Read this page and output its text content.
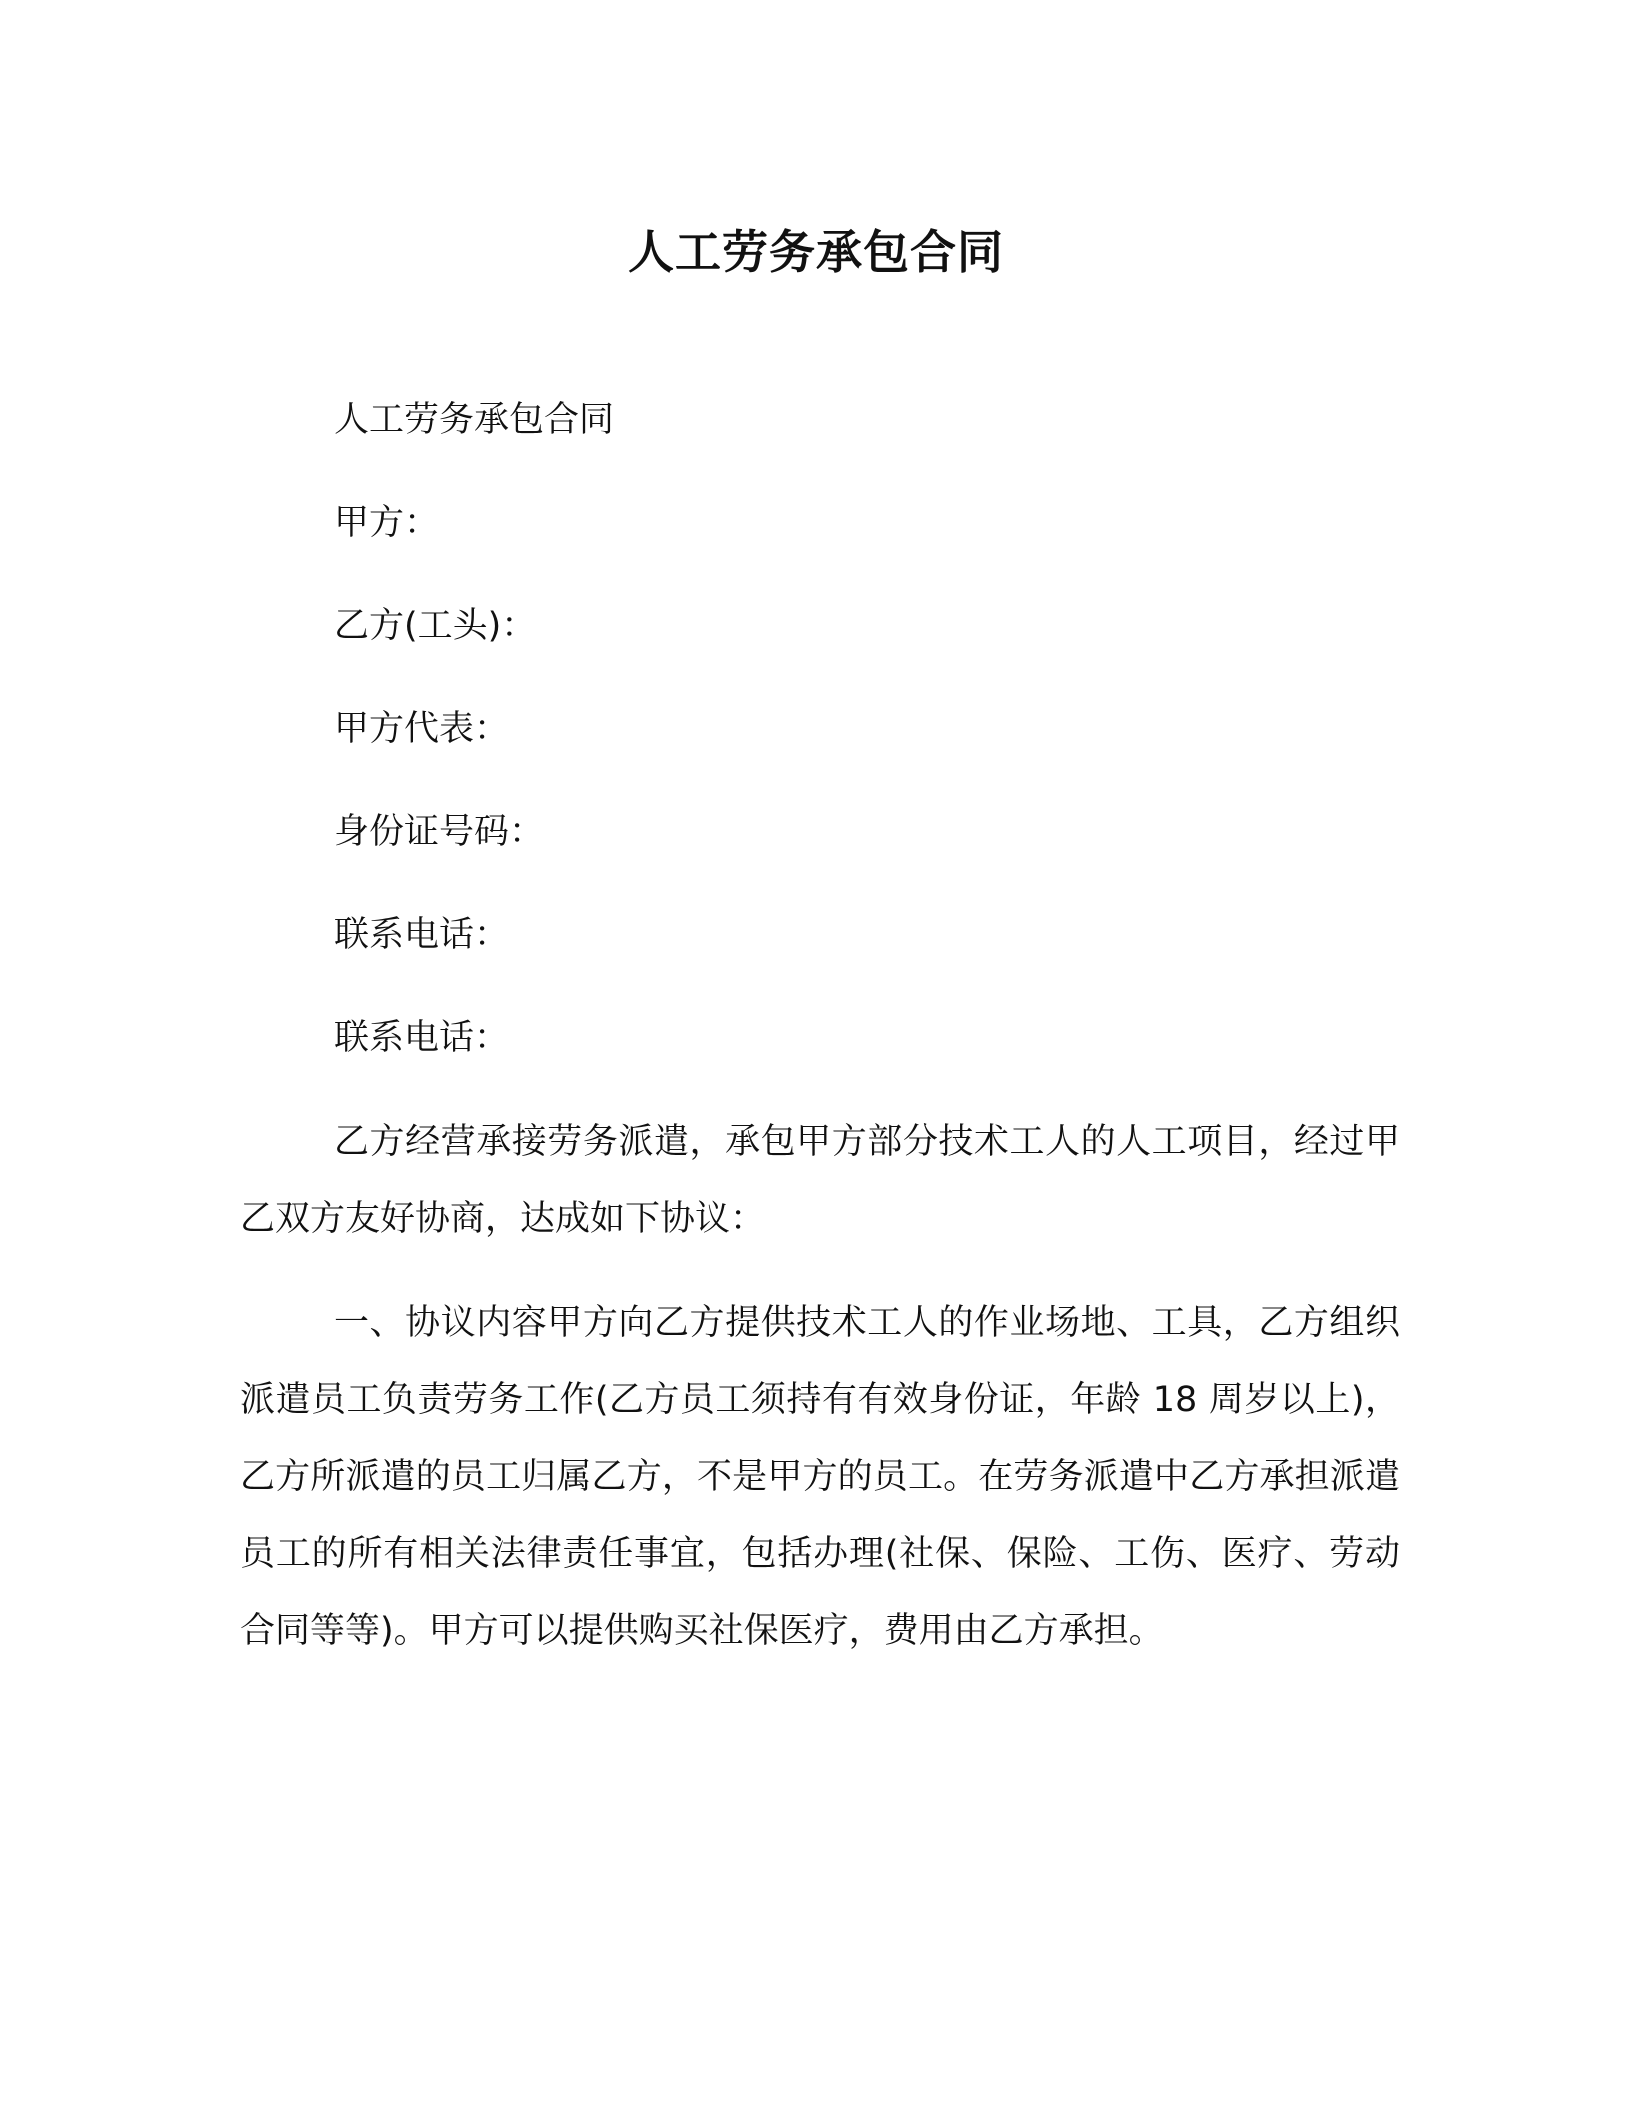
人工劳务承包合同

人工劳务承包合同

甲方：

乙方(工头)：

甲方代表：

身份证号码：

联系电话：

联系电话：

乙方经营承接劳务派遣，承包甲方部分技术工人的人工项目，经过甲乙双方友好协商，达成如下协议：

一、协议内容甲方向乙方提供技术工人的作业场地、工具，乙方组织派遣员工负责劳务工作(乙方员工须持有有效身份证，年龄 18 周岁以上)，乙方所派遣的员工归属乙方，不是甲方的员工。在劳务派遣中乙方承担派遣员工的所有相关法律责任事宜，包括办理(社保、保险、工伤、医疗、劳动合同等等)。甲方可以提供购买社保医疗，费用由乙方承担。
